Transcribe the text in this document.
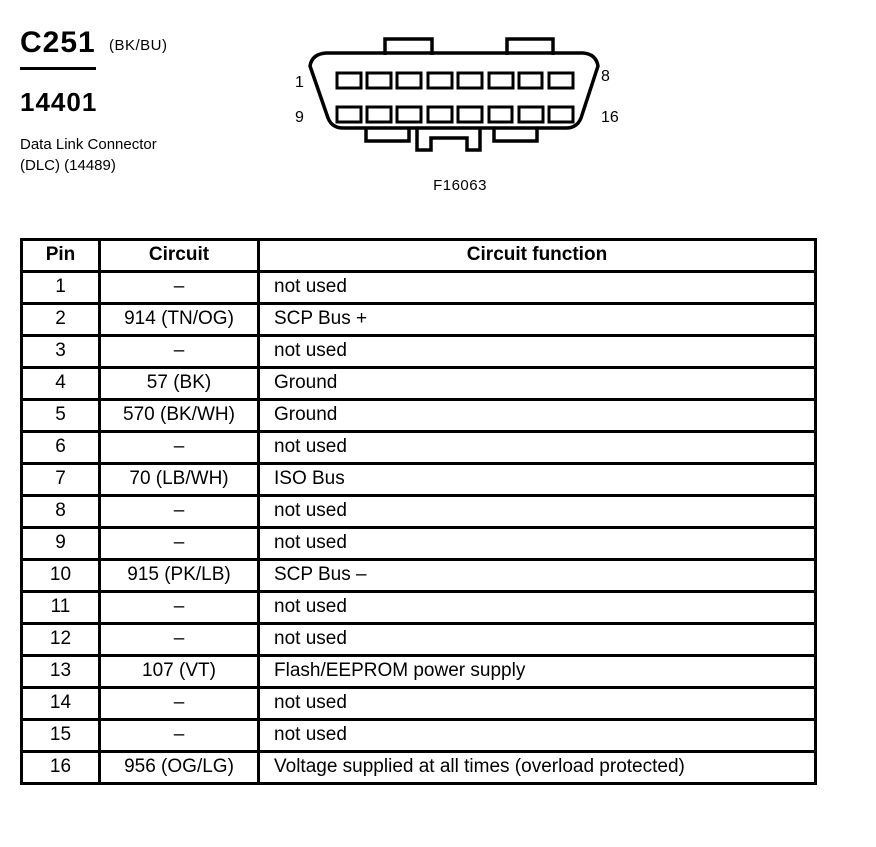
C251 (BK/BU)
14401
Data Link Connector
(DLC) (14489)
1	8
9	16
F16063
Pin	Circuit	Circuit function
1	–	not used
2	914 (TN/OG)	SCP Bus +
3	–	not used
4	57 (BK)	Ground
5	570 (BK/WH)	Ground
6	–	not used
7	70 (LB/WH)	ISO Bus
8	–	not used
9	–	not used
10	915 (PK/LB)	SCP Bus –
11	–	not used
12	–	not used
13	107 (VT)	Flash/EEPROM power supply
14	–	not used
15	–	not used
16	956 (OG/LG)	Voltage supplied at all times (overload protected)
